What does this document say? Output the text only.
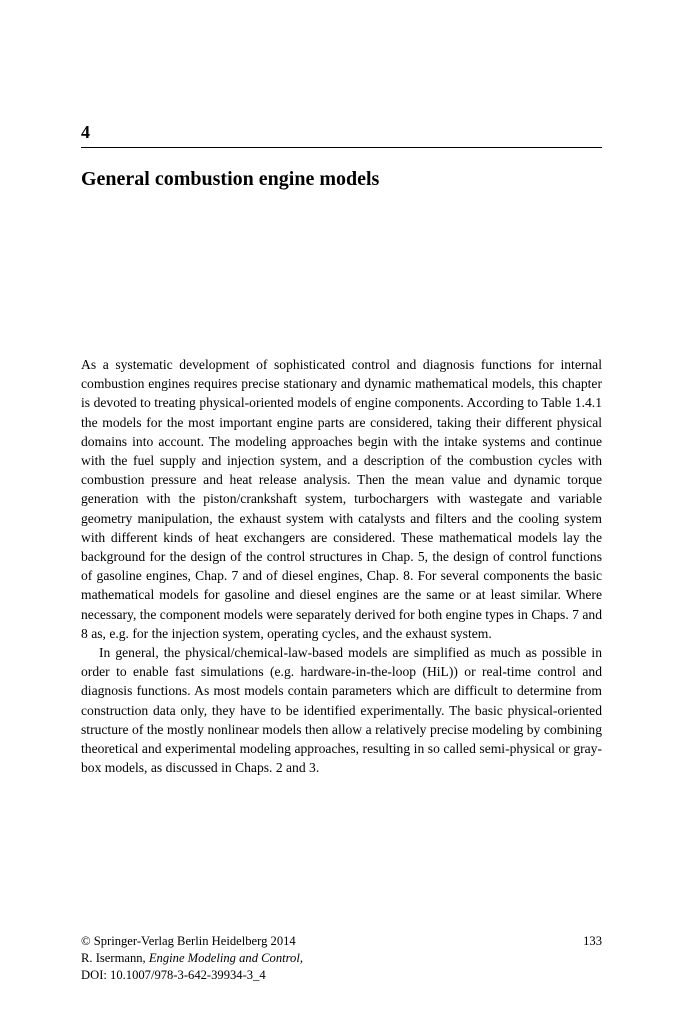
4
General combustion engine models

As a systematic development of sophisticated control and diagnosis functions for internal combustion engines requires precise stationary and dynamic mathematical models, this chapter is devoted to treating physical-oriented models of engine components. According to Table 1.4.1 the models for the most important engine parts are considered, taking their different physical domains into account. The modeling approaches begin with the intake systems and continue with the fuel supply and injection system, and a description of the combustion cycles with combustion pressure and heat release analysis. Then the mean value and dynamic torque generation with the piston/crankshaft system, turbochargers with wastegate and variable geometry manipulation, the exhaust system with catalysts and filters and the cooling system with different kinds of heat exchangers are considered. These mathematical models lay the background for the design of the control structures in Chap. 5, the design of control functions of gasoline engines, Chap. 7 and of diesel engines, Chap. 8. For several components the basic mathematical models for gasoline and diesel engines are the same or at least similar. Where necessary, the component models were separately derived for both engine types in Chaps. 7 and 8 as, e.g. for the injection system, operating cycles, and the exhaust system.

In general, the physical/chemical-law-based models are simplified as much as possible in order to enable fast simulations (e.g. hardware-in-the-loop (HiL)) or real-time control and diagnosis functions. As most models contain parameters which are difficult to determine from construction data only, they have to be identified experimentally. The basic physical-oriented structure of the mostly nonlinear models then allow a relatively precise modeling by combining theoretical and experimental modeling approaches, resulting in so called semi-physical or gray-box models, as discussed in Chaps. 2 and 3.

© Springer-Verlag Berlin Heidelberg 2014

R. Isermann, Engine Modeling and Control,

DOI: 10.1007/978-3-642-39934-3_4

133
